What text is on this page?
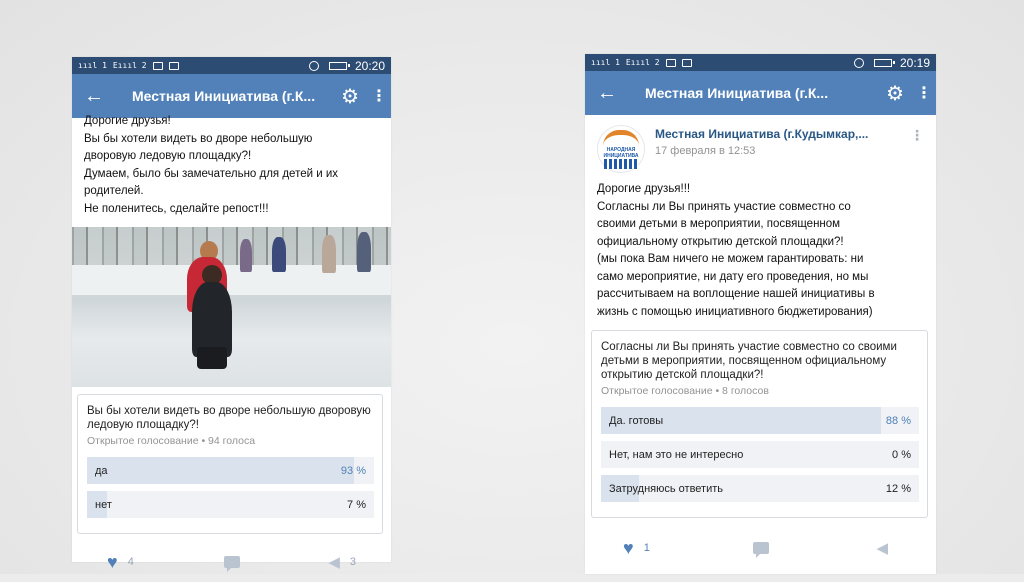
ıııl 1 Eıııl 2	20:20
←	Местная Инициатива (г.К...	⚙ ⋮
Дорогие друзья!
Вы бы хотели видеть во дворе небольшую
дворовую ледовую площадку?!
Думаем, было бы замечательно для детей и их
родителей.
Не поленитесь, сделайте репост!!!
Вы бы хотели видеть во дворе небольшую дворовую ледовую площадку?!
Открытое голосование • 94 голоса
да	93 %
нет	7 %
♥ 4	◀ 3
ıııl 1 Eıııl 2	20:19
←	Местная Инициатива (г.К...	⚙ ⋮
НАРОДНАЯ ИНИЦИАТИВА
Местная Инициатива (г.Кудымкар,...
17 февраля в 12:53
⋮
Дорогие друзья!!!
Согласны ли Вы принять участие совместно со
своими детьми в мероприятии, посвященном
официальному открытию детской площадки?!
(мы пока Вам ничего не можем гарантировать: ни
само мероприятие, ни дату его проведения, но мы
рассчитываем на воплощение нашей инициативы в
жизнь с помощью инициативного бюджетирования)
Согласны ли Вы принять участие совместно со своими детьми в мероприятии, посвященном официальному открытию детской площадки?!
Открытое голосование • 8 голосов
Да. готовы	88 %
Нет, нам это не интересно	0 %
Затрудняюсь ответить	12 %
♥ 1	◀
